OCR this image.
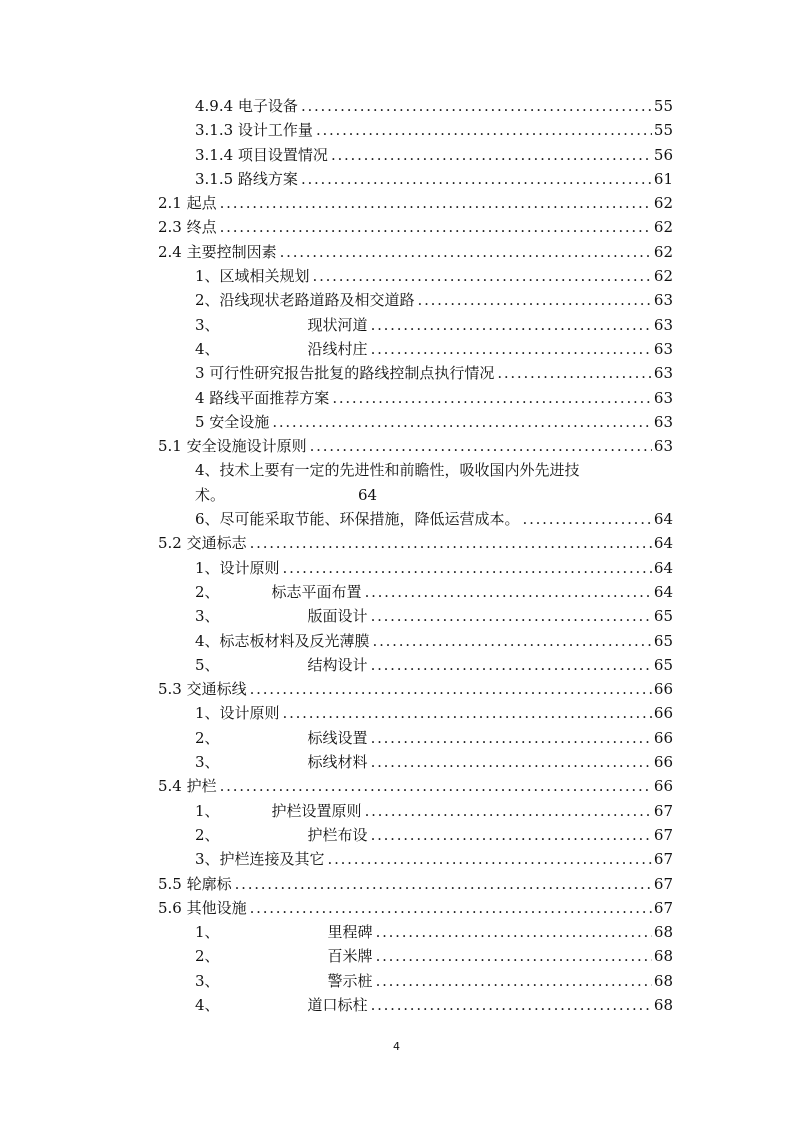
4.9.4 电子设备 . . .	55
3.1.3 设计工作量 . . .	55
3.1.4 项目设置情况 . . .	56
3.1.5 路线方案 . . .	61
2.1 起点 . . .	62
2.3 终点 . . .	62
2.4 主要控制因素 . . .	62
1、区域相关规划 . . .	62
2、沿线现状老路道路及相交道路 . . .	63
3、	现状河道 . . .	63
4、	沿线村庄 . . .	63
3 可行性研究报告批复的路线控制点执行情况 . . .	63
4 路线平面推荐方案 . . .	63
5 安全设施 . . .	63
5.1 安全设施设计原则 . . .	63
4、技术上要有一定的先进性和前瞻性，吸收国内外先进技
术。	64
6、尽可能采取节能、环保措施，降低运营成本。 . . .	64
5.2 交通标志 . . .	64
1、设计原则 . . .	64
2、	标志平面布置 . . .	64
3、	版面设计 . . .	65
4、标志板材料及反光薄膜 . . .	65
5、	结构设计 . . .	65
5.3 交通标线 . . .	66
1、设计原则 . . .	66
2、	标线设置 . . .	66
3、	标线材料 . . .	66
5.4 护栏 . . .	66
1、	护栏设置原则 . . .	67
2、	护栏布设 . . .	67
3、护栏连接及其它 . . .	67
5.5 轮廓标 . . .	67
5.6 其他设施 . . .	67
1、	里程碑 . . .	68
2、	百米牌 . . .	68
3、	警示桩 . . .	68
4、	道口标柱 . . .	68
4
